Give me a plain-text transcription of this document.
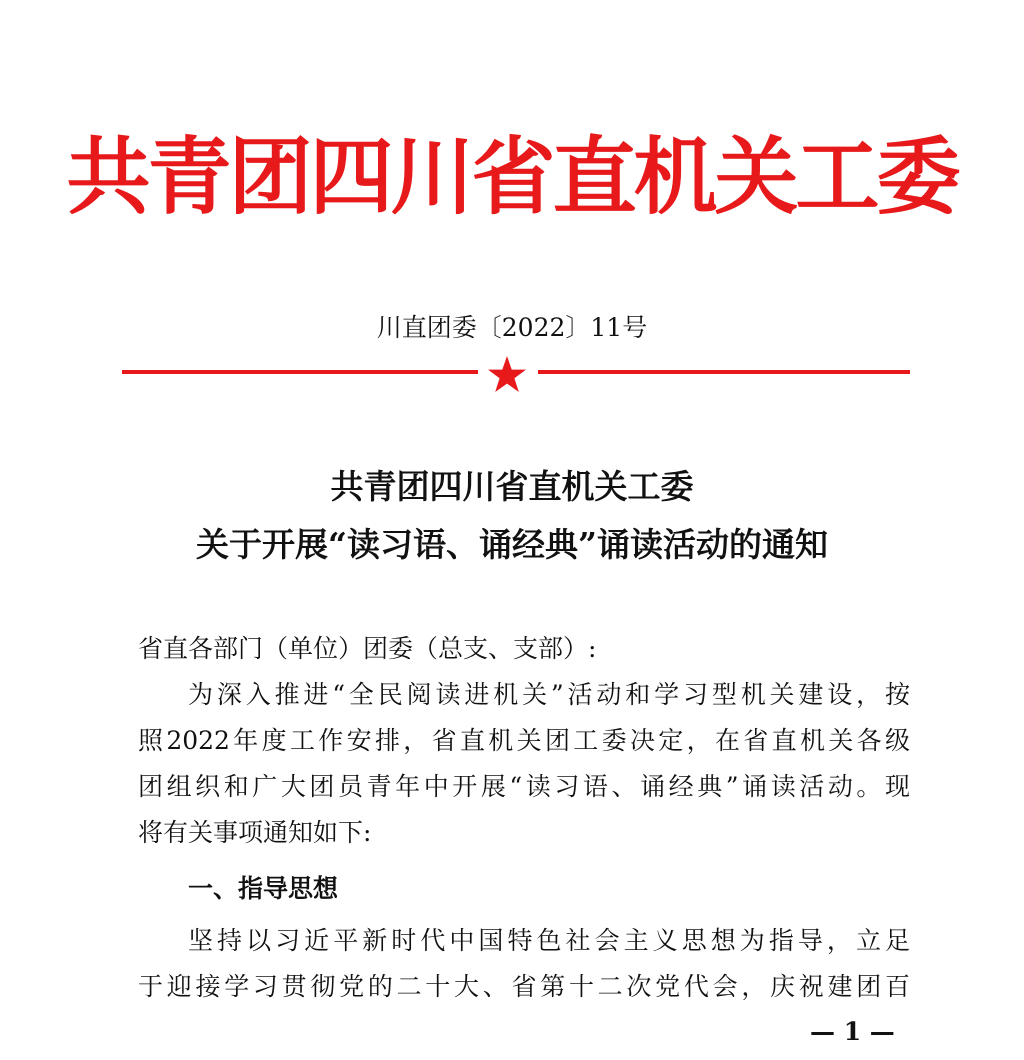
共青团四川省直机关工委
川直团委〔2022〕11号
共青团四川省直机关工委
关于开展“读习语、诵经典”诵读活动的通知
省直各部门（单位）团委（总支、支部）:
为深入推进“全民阅读进机关”活动和学习型机关建设，按
照2022年度工作安排，省直机关团工委决定，在省直机关各级
团组织和广大团员青年中开展“读习语、诵经典”诵读活动。现
将有关事项通知如下:
一、指导思想
坚持以习近平新时代中国特色社会主义思想为指导，立足
于迎接学习贯彻党的二十大、省第十二次党代会，庆祝建团百
— 1 —
